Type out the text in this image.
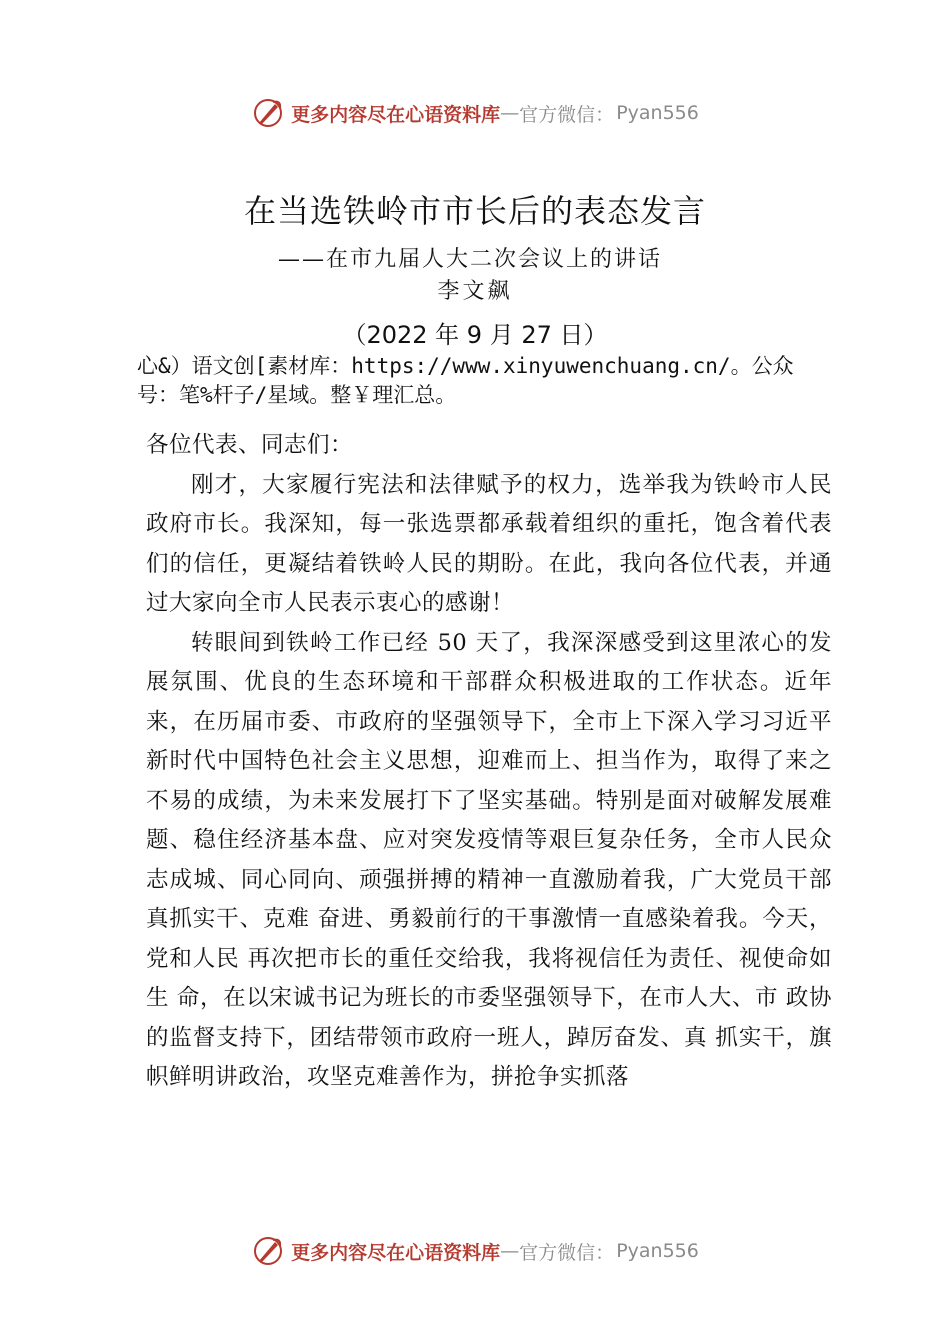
更多内容尽在心语资料库 — 官方微信： Pyan556
在当选铁岭市市长后的表态发言
——在市九届人大二次会议上的讲话
李文飙
（2022 年 9 月 27 日）
心&）语文创[素材库：https://www.xinyuwenchuang.cn/。公众号：笔%杆子/星域。整￥理汇总。

各位代表、同志们：

刚才，大家履行宪法和法律赋予的权力，选举我为铁岭市人民政府市长。我深知，每一张选票都承载着组织的重托，饱含着代表们的信任，更凝结着铁岭人民的期盼。在此，我向各位代表，并通过大家向全市人民表示衷心的感谢！

转眼间到铁岭工作已经 50 天了，我深深感受到这里浓心的发展氛围、优良的生态环境和干部群众积极进取的工作状态。近年来，在历届市委、市政府的坚强领导下，全市上下深入学习习近平新时代中国特色社会主义思想，迎难而上、担当作为，取得了来之不易的成绩，为未来发展打下了坚实基础。特别是面对破解发展难题、稳住经济基本盘、应对突发疫情等艰巨复杂任务，全市人民众志成城、同心同向、顽强拼搏的精神一直激励着我，广大党员干部真抓实干、克难 奋进、勇毅前行的干事激情一直感染着我。今天，党和人民 再次把市长的重任交给我，我将视信任为责任、视使命如生 命，在以宋诚书记为班长的市委坚强领导下，在市人大、市 政协的监督支持下，团结带领市政府一班人，踔厉奋发、真 抓实干，旗帜鲜明讲政治，攻坚克难善作为，拼抢争实抓落

更多内容尽在心语资料库 — 官方微信： Pyan556
